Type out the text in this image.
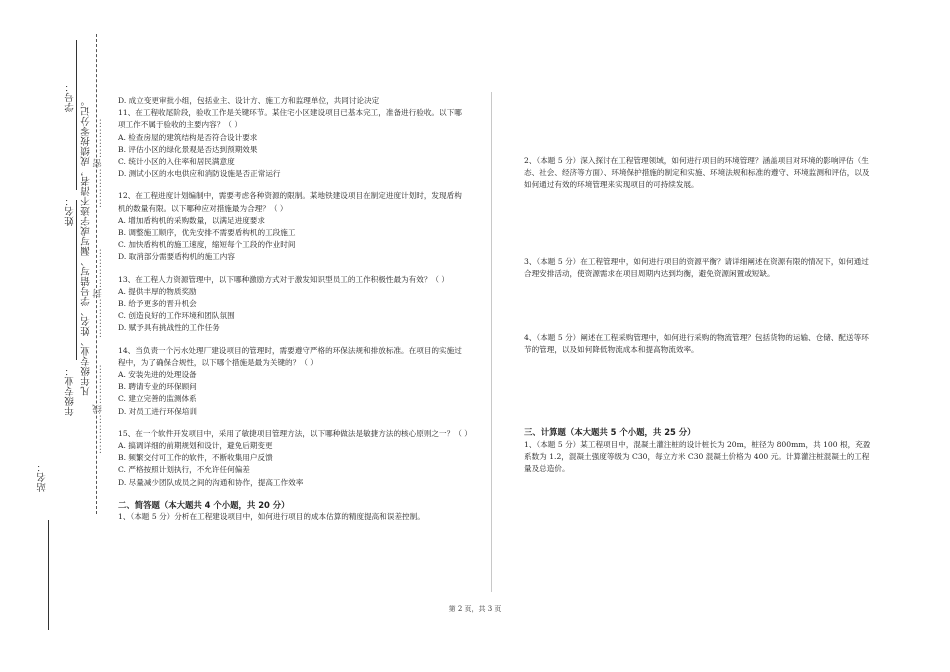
学号：
姓名：
年级专业： 凡年级专业、姓名、学号错写、漏写或字迹不清者，成绩按零分记。
站名：
…………密…………
…………封…………
…………线…………

D. 成立变更审批小组，包括业主、设计方、施工方和监理单位，共同讨论决定

11、在工程收尾阶段，验收工作是关键环节。某住宅小区建设项目已基本完工，准备进行验收。以下哪项工作不属于验收的主要内容？（ ）

A. 检查房屋的建筑结构是否符合设计要求

B. 评估小区的绿化景观是否达到预期效果

C. 统计小区的入住率和居民满意度

D. 测试小区的水电供应和消防设施是否正常运行

12、在工程进度计划编制中，需要考虑各种资源的限制。某地铁建设项目在制定进度计划时，发现盾构机的数量有限。以下哪种应对措施最为合理？（ ）

A. 增加盾构机的采购数量，以满足进度要求

B. 调整施工顺序，优先安排不需要盾构机的工段施工

C. 加快盾构机的施工速度，缩短每个工段的作业时间

D. 取消部分需要盾构机的施工内容

13、在工程人力资源管理中，以下哪种激励方式对于激发知识型员工的工作积极性最为有效？（ ）

A. 提供丰厚的物质奖励

B. 给予更多的晋升机会

C. 创造良好的工作环境和团队氛围

D. 赋予具有挑战性的工作任务

14、当负责一个污水处理厂建设项目的管理时，需要遵守严格的环保法规和排放标准。在项目的实施过程中，为了确保合规性，以下哪个措施是最为关键的？（ ）

A. 安装先进的处理设备

B. 聘请专业的环保顾问

C. 建立完善的监测体系

D. 对员工进行环保培训

15、在一个软件开发项目中，采用了敏捷项目管理方法，以下哪种做法是敏捷方法的核心原则之一？（ ）

A. 搞调详细的前期规划和设计，避免后期变更

B. 频繁交付可工作的软件，不断收集用户反馈

C. 严格按照计划执行，不允许任何偏差

D. 尽量减少团队成员之间的沟通和协作，提高工作效率

二、简答题（本大题共 4 个小题，共 20 分）

1、（本题 5 分）分析在工程建设项目中，如何进行项目的成本估算的精度提高和误差控制。

2、（本题 5 分）深入探讨在工程管理领域，如何进行项目的环境管理？涵盖项目对环境的影响评估（生态、社会、经济等方面）、环境保护措施的制定和实施、环境法规和标准的遵守、环境监测和评估，以及如何通过有效的环境管理来实现项目的可持续发展。

3、（本题 5 分）在工程管理中，如何进行项目的资源平衡？请详细阐述在资源有限的情况下，如何通过合理安排活动，使资源需求在项目周期内达到均衡，避免资源闲置或短缺。

4、（本题 5 分）阐述在工程采购管理中，如何进行采购的物流管理？包括货物的运输、仓储、配送等环节的管理，以及如何降低物流成本和提高物流效率。

三、计算题（本大题共 5 个小题，共 25 分）

1、（本题 5 分）某工程项目中，混凝土灌注桩的设计桩长为 20m，桩径为 800mm，共 100 根，充盈系数为 1.2，混凝土强度等级为 C30，每立方米 C30 混凝土价格为 400 元。计算灌注桩混凝土的工程量及总造价。

第 2 页，共 3 页
